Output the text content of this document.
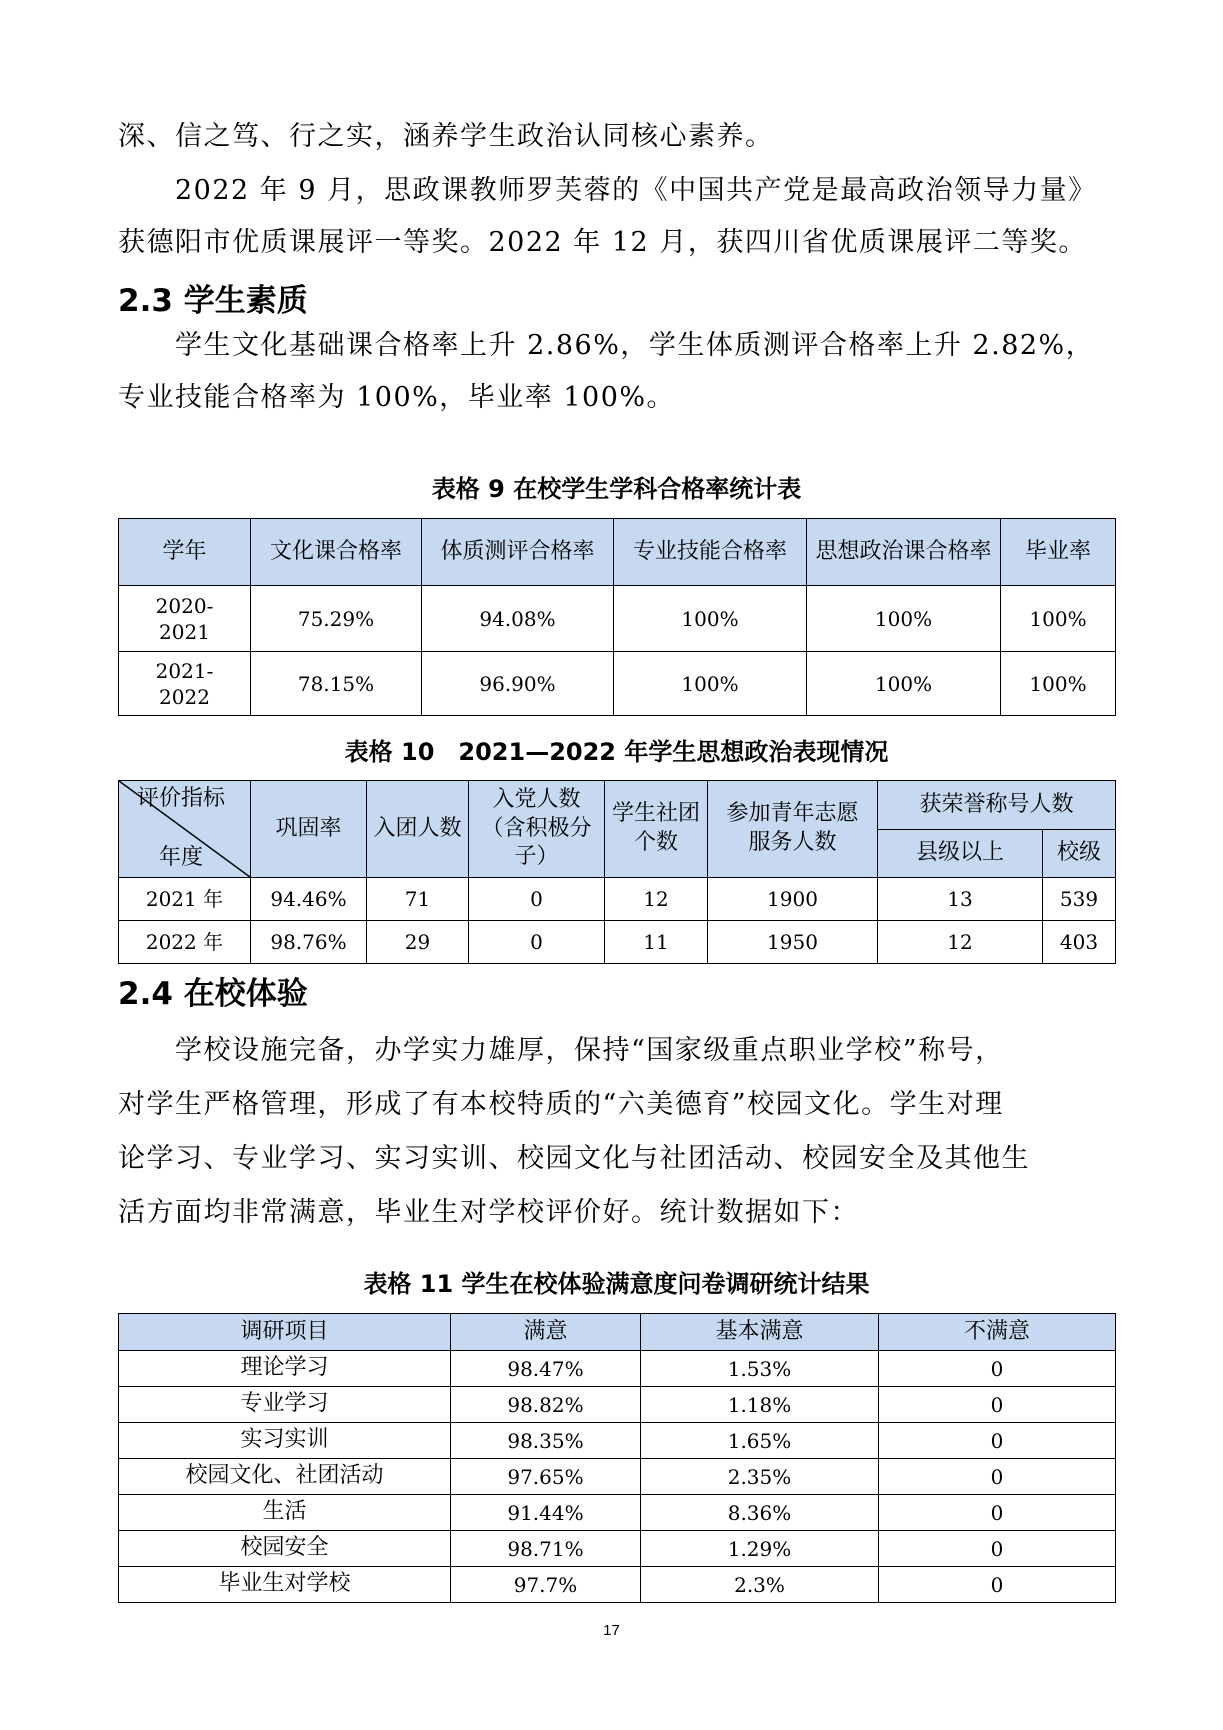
深、信之笃、行之实，涵养学生政治认同核心素养。
　　2022 年 9 月，思政课教师罗芙蓉的《中国共产党是最高政治领导力量》
获德阳市优质课展评一等奖。2022 年 12 月，获四川省优质课展评二等奖。
2.3 学生素质
　　学生文化基础课合格率上升 2.86%，学生体质测评合格率上升 2.82%，
专业技能合格率为 100%，毕业率 100%。
表格 9 在校学生学科合格率统计表
学年	文化课合格率	体质测评合格率	专业技能合格率	思想政治课合格率	毕业率
2020-2021	75.29%	94.08%	100%	100%	100%
2021-2022	78.15%	96.90%	100%	100%	100%
表格 10　2021—2022 年学生思想政治表现情况
评价指标
年度	巩固率	入团人数	入党人数（含积极分子）	学生社团个数	参加青年志愿服务人数	获荣誉称号人数	
						县级以上	校级
2021 年	94.46%	71	0	12	1900	13	539
2022 年	98.76%	29	0	11	1950	12	403
2.4 在校体验
　　学校设施完备，办学实力雄厚，保持“国家级重点职业学校”称号，
对学生严格管理，形成了有本校特质的“六美德育”校园文化。学生对理
论学习、专业学习、实习实训、校园文化与社团活动、校园安全及其他生
活方面均非常满意，毕业生对学校评价好。统计数据如下：
表格 11 学生在校体验满意度问卷调研统计结果
调研项目	满意	基本满意	不满意
理论学习	98.47%	1.53%	0
专业学习	98.82%	1.18%	0
实习实训	98.35%	1.65%	0
校园文化、社团活动	97.65%	2.35%	0
生活	91.44%	8.36%	0
校园安全	98.71%	1.29%	0
毕业生对学校	97.7%	2.3%	0
17
